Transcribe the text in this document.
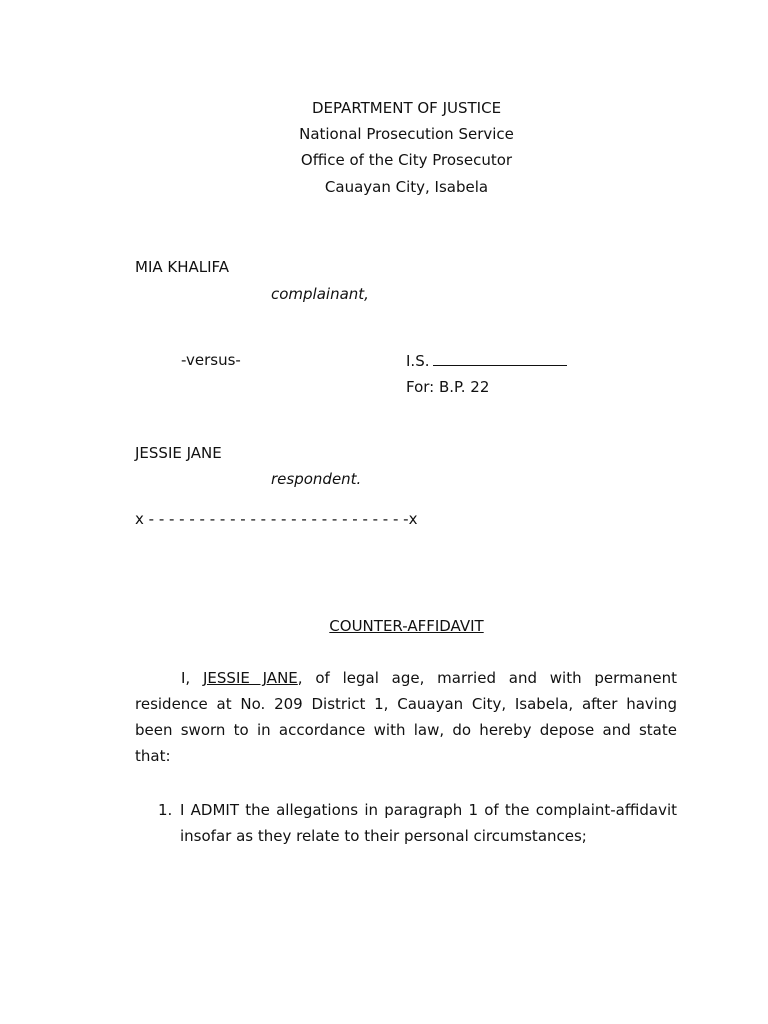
DEPARTMENT OF JUSTICE
National Prosecution Service
Office of the City Prosecutor
Cauayan City, Isabela
MIA KHALIFA
complainant,
-versus-	I.S.
For: B.P. 22
JESSIE JANE
respondent.
x - - - - - - - - - - - - - - - - - - - - - - - - - -x
COUNTER-AFFIDAVIT
I, JESSIE JANE, of legal age, married and with permanent residence at No. 209 District 1, Cauayan City, Isabela, after having been sworn to in accordance with law, do hereby depose and state that:
1. I ADMIT the allegations in paragraph 1 of the complaint-affidavit insofar as they relate to their personal circumstances;
